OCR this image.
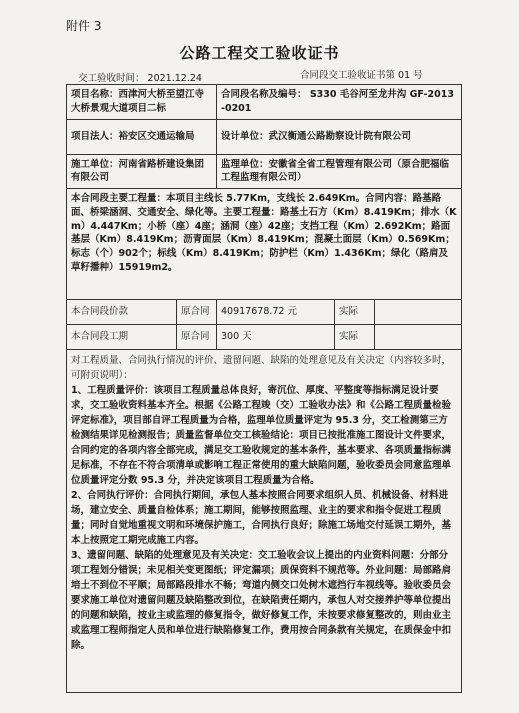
附件 3
公路工程交工验收证书
交工验收时间： 2021.12.24	合同段交工验收证书第 01 号
项目名称：西津河大桥至望江寺大桥景观大道项目二标		合同段名称及编号： S330 毛谷河至龙井沟 GF-2013-0201		
项目法人：裕安区交通运输局		设计单位：武汉衡通公路勘察设计院有限公司		
施工单位：河南省路桥建设集团有限公司		监理单位：安徽省全省工程管理有限公司（原合肥福临工程监理有限公司）		
本合同段主要工程量：本项目主线长 5.77Km，支线长 2.649Km。合同内容：路基路面、桥梁涵洞、交通安全、绿化等。主要工程量：路基土石方（Km）8.419Km；排水（Km）4.447Km；小桥（座）4座；涵洞（座）42座；支挡工程（Km）2.692Km；路面基层（Km）8.419Km；沥青面层（Km）8.419Km；混凝土面层（Km）0.569Km；标志（个）902个；标线（Km）8.419Km；防护栏（Km）1.436Km；绿化（路肩及草籽播种）15919m2。				
本合同段价款	原合同	40917678.72 元	实际	
本合同段工期	原合同	300 天	实际	

对工程质量、合同执行情况的评价、遗留问题、缺陷的处理意见及有关决定（内容较多时，可附页说明）：

1、工程质量评价：该项目工程质量总体良好，寄沉位、厚度、平整度等指标满足设计要求，交工验收资料基本齐全。根据《公路工程竣（交）工验收办法》和《公路工程质量检验评定标准》，项目部自评工程质量为合格，监理单位质量评定为 95.3 分，交工检测第三方检测结果详见检测报告；质量监督单位交工核验结论：项目已按批准施工图设计文件要求，合同约定的各项内容全部完成，满足交工验收规定的基本条件，基本要求、各项质量指标满足标准，不存在不符合项清单或影响工程正常使用的重大缺陷问题，验收委员会同意监理单位质量评定分数 95.3 分，并决定该项目工程质量为合格。

2、合同执行评价：合同执行期间，承包人基本按照合同要求组织人员、机械设备、材料进场，建立安全、质量自检体系；施工期间，能够按照监理、业主的要求和指令促进工程质量；同时自觉地重视文明和环境保护施工，合同执行良好；除施工场地交付延误工期外，基本上按照定工期完成施工内容。

3、遗留问题、缺陷的处理意见及有关决定：交工验收会议上提出的内业资料问题：分部分项工程划分错误；未见相关变更图纸；评定漏项；质保资料不规范等。外业问题：局部路肩培土不到位不平顺；局部路段排水不畅；弯道内侧交口处树木遮挡行车视线等。验收委员会要求施工单位对遗留问题及缺陷整改到位，在缺陷责任期内，承包人对交接养护等单位提出的问题和缺陷，按业主或监理的修复指令，做好修复工作，未按要求修复整改的，则由业主或监理工程师指定人员和单位进行缺陷修复工作，费用按合同条款有关规定，在质保金中扣除。				
